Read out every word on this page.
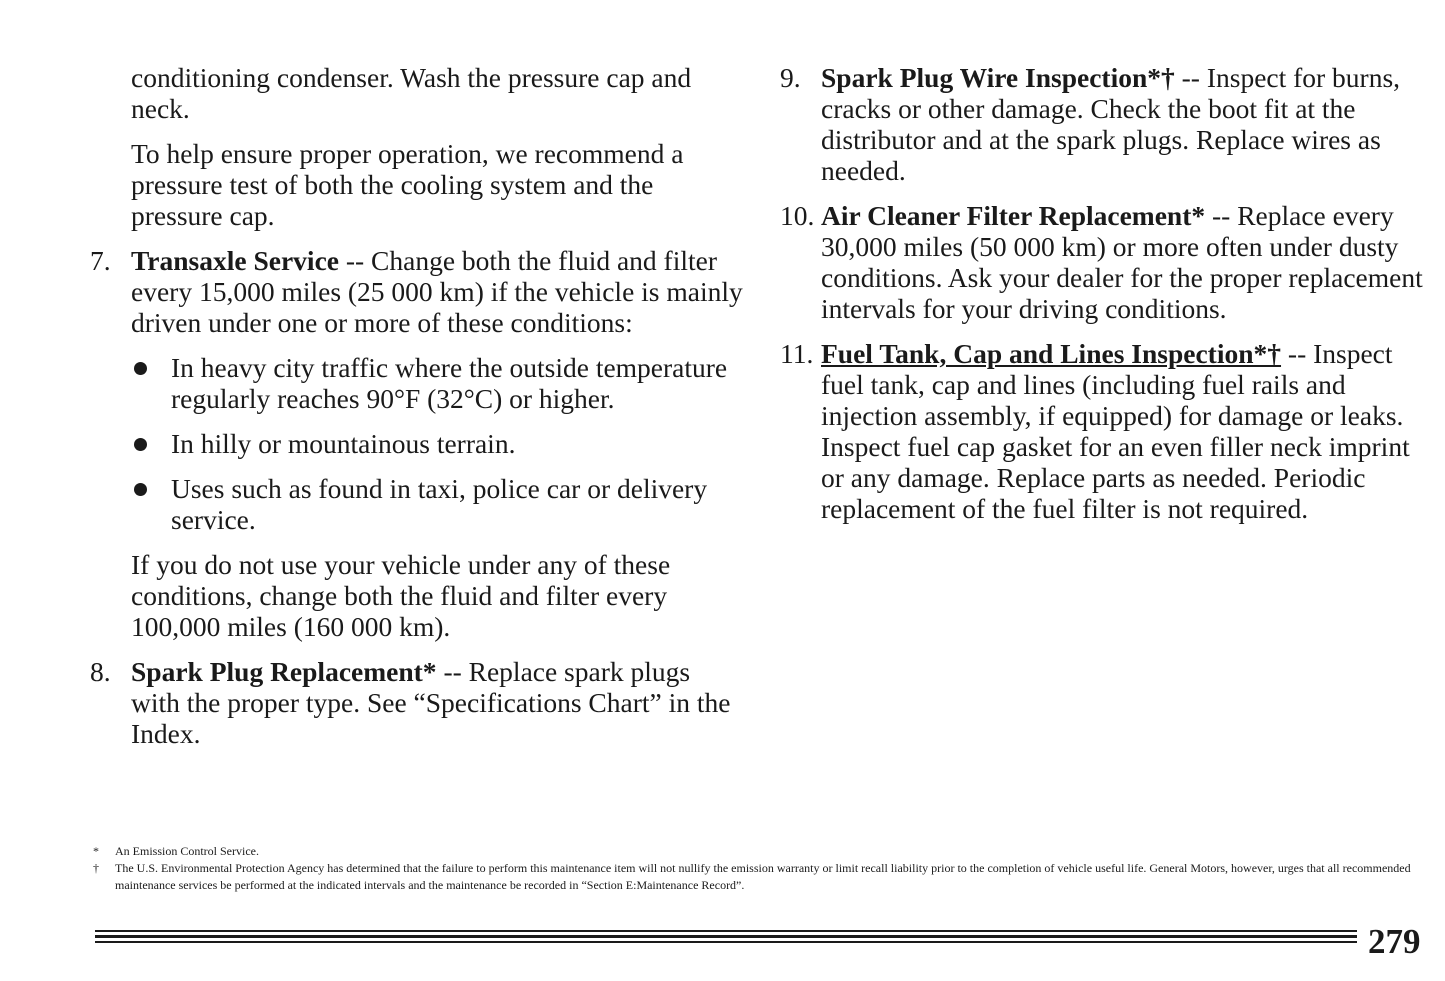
conditioning condenser. Wash the pressure cap and neck.

To help ensure proper operation, we recommend a pressure test of both the cooling system and the pressure cap.

7. Transaxle Service -- Change both the fluid and filter every 15,000 miles (25 000 km) if the vehicle is mainly driven under one or more of these conditions:
In heavy city traffic where the outside temperature regularly reaches 90°F (32°C) or higher.
In hilly or mountainous terrain.
Uses such as found in taxi, police car or delivery service.

If you do not use your vehicle under any of these conditions, change both the fluid and filter every 100,000 miles (160 000 km).

8. Spark Plug Replacement* -- Replace spark plugs with the proper type. See “Specifications Chart” in the Index.
9. Spark Plug Wire Inspection*† -- Inspect for burns, cracks or other damage. Check the boot fit at the distributor and at the spark plugs. Replace wires as needed.
10. Air Cleaner Filter Replacement* -- Replace every 30,000 miles (50 000 km) or more often under dusty conditions. Ask your dealer for the proper replacement intervals for your driving conditions.
11. Fuel Tank, Cap and Lines Inspection*† -- Inspect fuel tank, cap and lines (including fuel rails and injection assembly, if equipped) for damage or leaks. Inspect fuel cap gasket for an even filler neck imprint or any damage. Replace parts as needed. Periodic replacement of the fuel filter is not required.
* An Emission Control Service.
† The U.S. Environmental Protection Agency has determined that the failure to perform this maintenance item will not nullify the emission warranty or limit recall liability prior to the completion of vehicle useful life. General Motors, however, urges that all recommended maintenance services be performed at the indicated intervals and the maintenance be recorded in “Section E:Maintenance Record”.
279
